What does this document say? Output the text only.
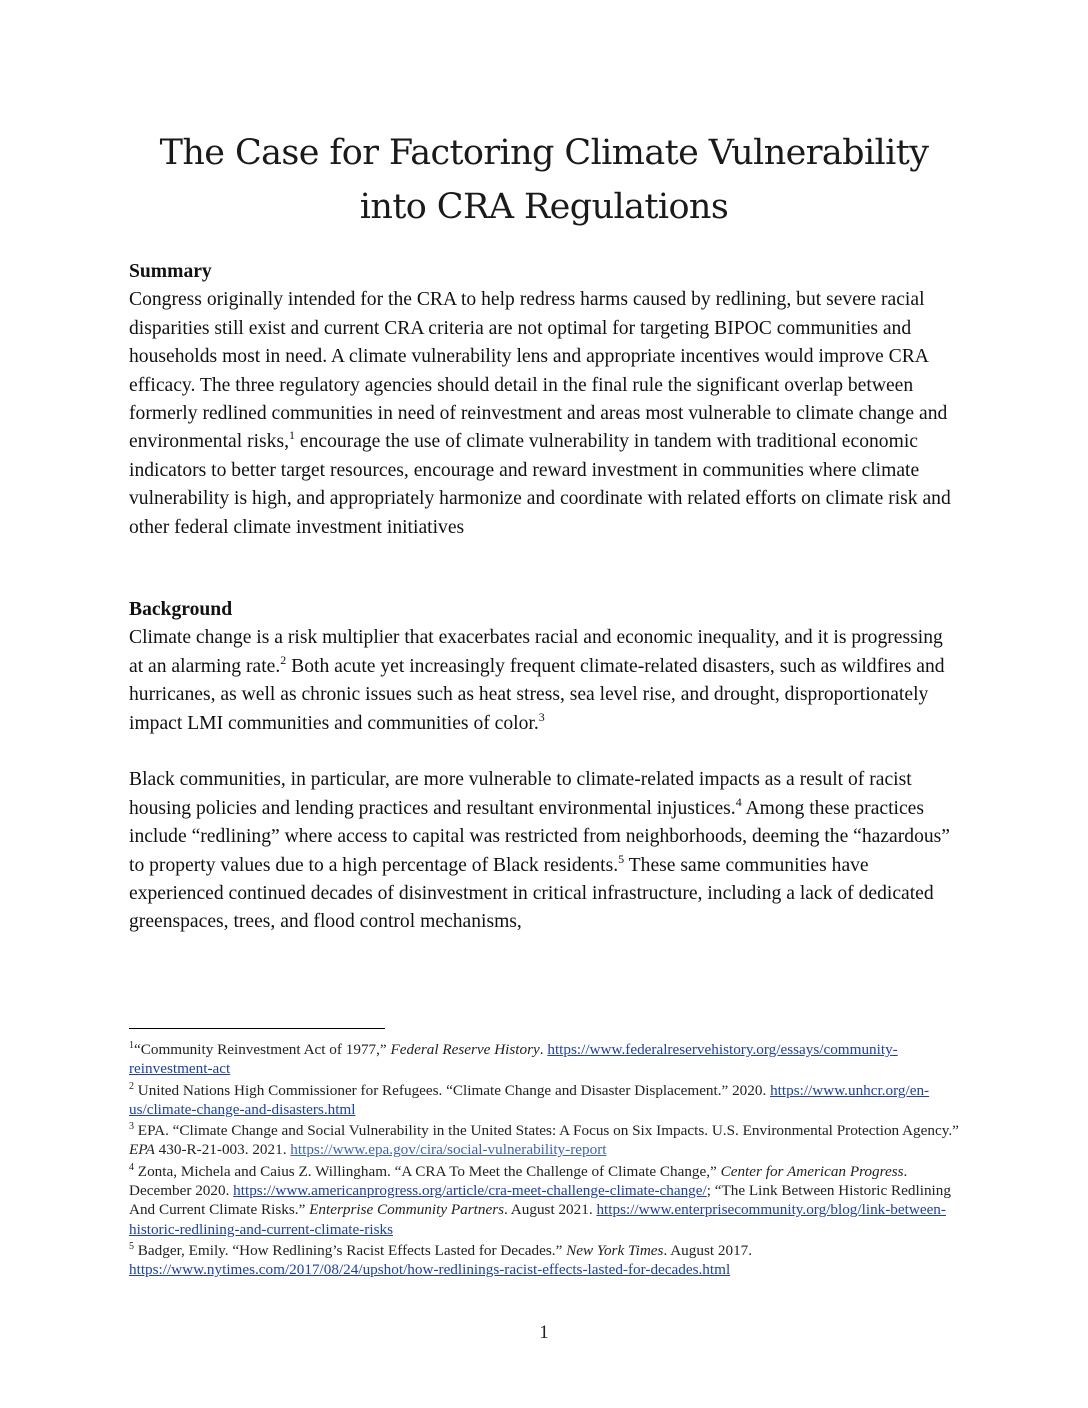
The Case for Factoring Climate Vulnerability
into CRA Regulations
Summary

Congress originally intended for the CRA to help redress harms caused by redlining, but severe racial disparities still exist and current CRA criteria are not optimal for targeting BIPOC communities and households most in need. A climate vulnerability lens and appropriate incentives would improve CRA efficacy. The three regulatory agencies should detail in the final rule the significant overlap between formerly redlined communities in need of reinvestment and areas most vulnerable to climate change and environmental risks,$^1$ encourage the use of climate vulnerability in tandem with traditional economic indicators to better target resources, encourage and reward investment in communities where climate vulnerability is high, and appropriately harmonize and coordinate with related efforts on climate risk and other federal climate investment initiatives

Background

Climate change is a risk multiplier that exacerbates racial and economic inequality, and it is progressing at an alarming rate.$^2$ Both acute yet increasingly frequent climate-related disasters, such as wildfires and hurricanes, as well as chronic issues such as heat stress, sea level rise, and drought, disproportionately impact LMI communities and communities of color.$^3$

Black communities, in particular, are more vulnerable to climate-related impacts as a result of racist housing policies and lending practices and resultant environmental injustices.$^4$ Among these practices include “redlining” where access to capital was restricted from neighborhoods, deeming the “hazardous” to property values due to a high percentage of Black residents.$^5$ These same communities have experienced continued decades of disinvestment in critical infrastructure, including a lack of dedicated greenspaces, trees, and flood control mechanisms,

$^1$“Community Reinvestment Act of 1977,” Federal Reserve History. https://www.federalreservehistory.org/essays/community-reinvestment-act

$^2$ United Nations High Commissioner for Refugees. “Climate Change and Disaster Displacement.” 2020. https://www.unhcr.org/en-us/climate-change-and-disasters.html

$^3$ EPA. “Climate Change and Social Vulnerability in the United States: A Focus on Six Impacts. U.S. Environmental Protection Agency.” EPA 430-R-21-003. 2021. https://www.epa.gov/cira/social-vulnerability-report

$^4$ Zonta, Michela and Caius Z. Willingham. “A CRA To Meet the Challenge of Climate Change,” Center for American Progress. December 2020. https://www.americanprogress.org/article/cra-meet-challenge-climate-change/; “The Link Between Historic Redlining And Current Climate Risks.” Enterprise Community Partners. August 2021. https://www.enterprisecommunity.org/blog/link-between-historic-redlining-and-current-climate-risks

$^5$ Badger, Emily. “How Redlining’s Racist Effects Lasted for Decades.” New York Times. August 2017. https://www.nytimes.com/2017/08/24/upshot/how-redlinings-racist-effects-lasted-for-decades.html

1
